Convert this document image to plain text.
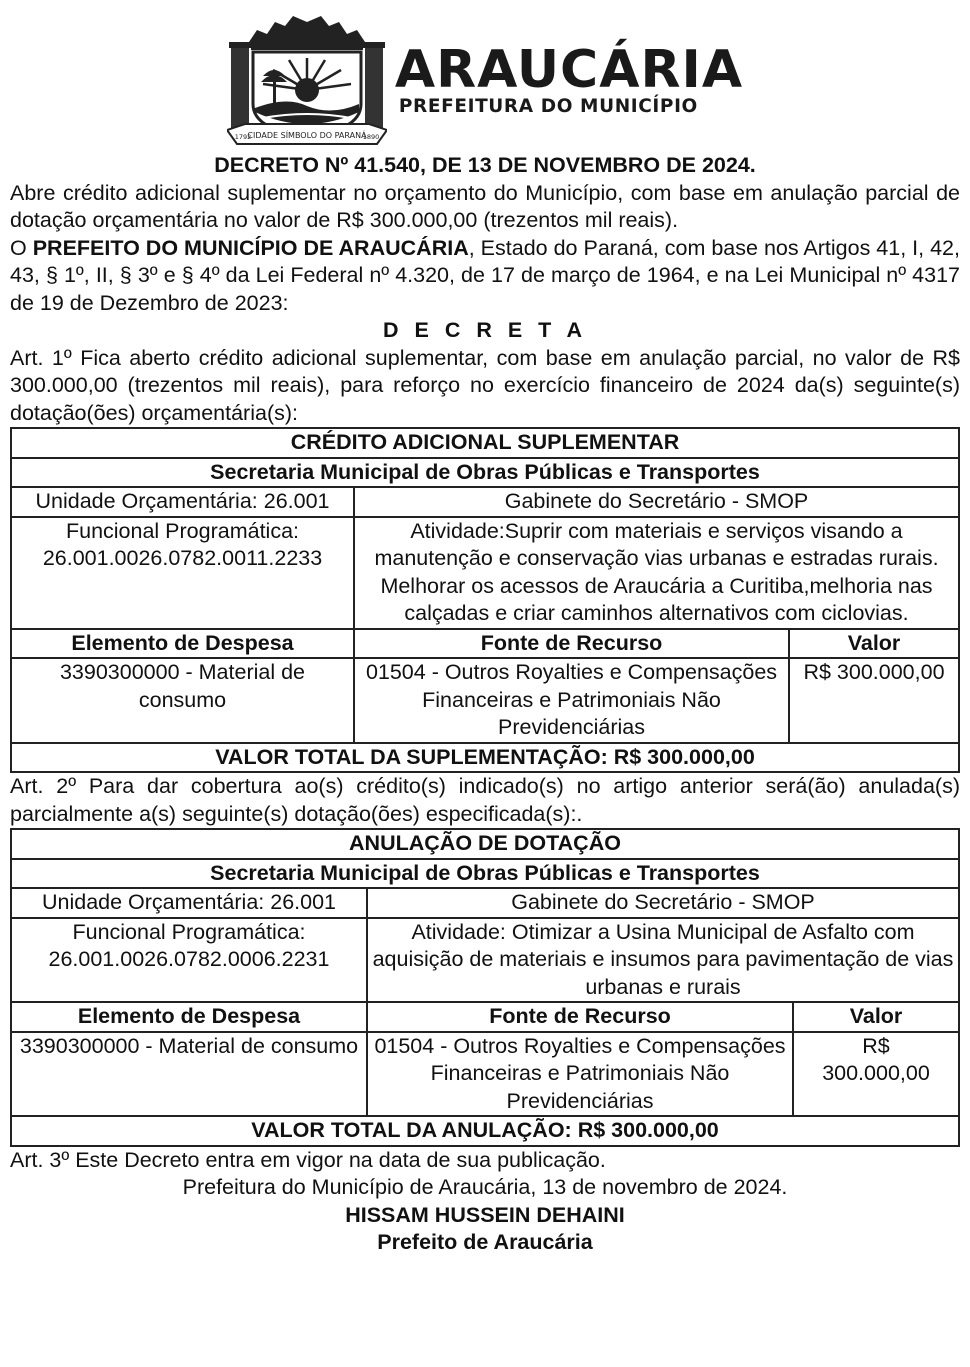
CIDADE SÍMBOLO DO PARANÁ
1792	1890
ARAUCÁRIA
PREFEITURA DO MUNICÍPIO
DECRETO Nº 41.540, DE 13 DE NOVEMBRO DE 2024.
Abre crédito adicional suplementar no orçamento do Município, com base em anulação parcial de dotação orçamentária no valor de R$ 300.000,00 (trezentos mil reais).
O PREFEITO DO MUNICÍPIO DE ARAUCÁRIA, Estado do Paraná, com base nos Artigos 41, I, 42, 43, § 1º, II, § 3º e § 4º da Lei Federal nº 4.320, de 17 de março de 1964, e na Lei Municipal nº 4317 de 19 de Dezembro de 2023:
D E C R E T A
Art. 1º Fica aberto crédito adicional suplementar, com base em anulação parcial, no valor de R$ 300.000,00 (trezentos mil reais), para reforço no exercício financeiro de 2024 da(s) seguinte(s) dotação(ões) orçamentária(s):
CRÉDITO ADICIONAL SUPLEMENTAR		
Secretaria Municipal de Obras Públicas e Transportes		
Unidade Orçamentária: 26.001	Gabinete do Secretário - SMOP	

Funcional Programática:
26.001.0026.0782.0011.2233	Atividade:Suprir com materiais e serviços visando a manutenção e conservação vias urbanas e estradas rurais. Melhorar os acessos de Araucária a Curitiba,melhoria nas calçadas e criar caminhos alternativos com ciclovias.	
Elemento de Despesa	Fonte de Recurso	Valor
3390300000 - Material de consumo	01504 - Outros Royalties e Compensações Financeiras e Patrimoniais Não Previdenciárias	R$ 300.000,00
VALOR TOTAL DA SUPLEMENTAÇÃO: R$ 300.000,00		
Art. 2º Para dar cobertura ao(s) crédito(s) indicado(s) no artigo anterior será(ão) anulada(s) parcialmente a(s) seguinte(s) dotação(ões) especificada(s):.
ANULAÇÃO DE DOTAÇÃO		
Secretaria Municipal de Obras Públicas e Transportes		
Unidade Orçamentária: 26.001	Gabinete do Secretário - SMOP	

Funcional Programática:
26.001.0026.0782.0006.2231	Atividade: Otimizar a Usina Municipal de Asfalto com aquisição de materiais e insumos para pavimentação de vias urbanas e rurais	
Elemento de Despesa	Fonte de Recurso	Valor
3390300000 - Material de consumo	01504 - Outros Royalties e Compensações Financeiras e Patrimoniais Não Previdenciárias	R$ 300.000,00
VALOR TOTAL DA ANULAÇÃO: R$ 300.000,00		
Art. 3º Este Decreto entra em vigor na data de sua publicação.
Prefeitura do Município de Araucária, 13 de novembro de 2024.
HISSAM HUSSEIN DEHAINI
Prefeito de Araucária
